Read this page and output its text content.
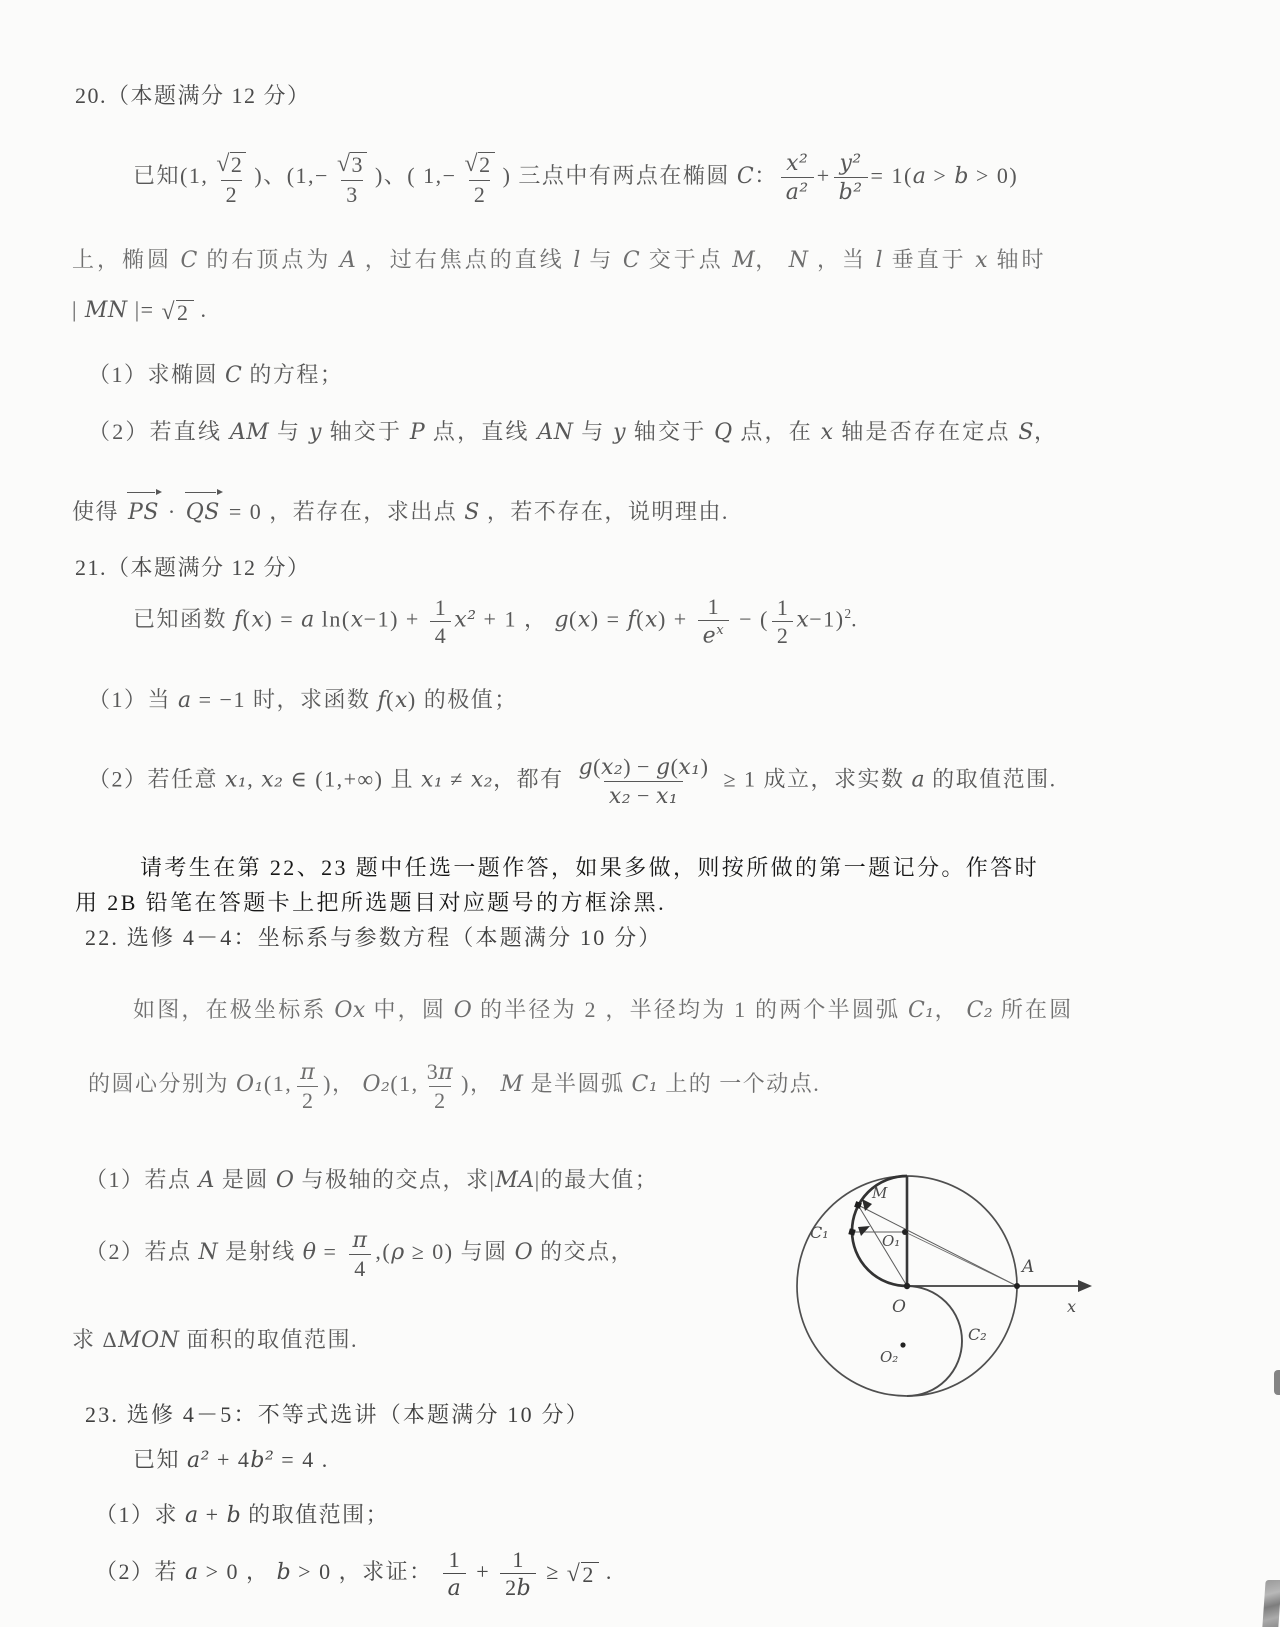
20.（本题满分 12 分）
已知(1, $\frac{√ 2}{2}$ )、($1,- \frac{√ 3}{3}$ )、( $1,- \frac{√ 2}{2}$ ) 三点中有两点在椭圆 C： $\frac{\text{x²}}{\text{a²}} + \frac{\text{y²}}{\text{b²}} = 1(a > b > 0)$
上，椭圆 C 的右顶点为 A ，过右焦点的直线 l 与 C 交于点 M， N ，当 l 垂直于 x 轴时
| MN |= √ 2 .
（1）求椭圆 C 的方程；
（2）若直线 AM 与 y 轴交于 P 点，直线 AN 与 y 轴交于 Q 点，在 x 轴是否存在定点 S，
使得 PS · QS = 0 ，若存在，求出点 S ，若不存在，说明理由.
21.（本题满分 12 分）
已知函数 f(x) = a $\ln(x-1) + \frac{1}{4} x^2 + 1$ ， $g(x) = f(x) + \frac{1}{e^x}$ − ( $\frac{1}{2} x-1)^2$.
（1）当 a = −1 时，求函数 f(x) 的极值；
（2）若任意 x₁, x₂ ∈ (1,+∞) 且 x₁ ≠ x₂，都有 $\frac{\text{g(x₂) − g(x₁)}}{\text{x₂ − x₁}} \ge 1$ 成立，求实数 a 的取值范围.
请考生在第 22、23 题中任选一题作答，如果多做，则按所做的第一题记分。作答时
用 2B 铅笔在答题卡上把所选题目对应题号的方框涂黑.
22. 选修 4－4：坐标系与参数方程（本题满分 10 分）
如图，在极坐标系 Ox 中，圆 O 的半径为 2 ，半径均为 1 的两个半圆弧 C₁， C₂ 所在圆
的圆心分别为 O₁(1, $\frac{\pi}{2}$ )， O₂(1, $\frac{3\pi}{2}$ )， M 是半圆弧 C₁ 上的 一个动点.
（1）若点 A 是圆 O 与极轴的交点，求|MA|的最大值；
（2）若点 N 是射线 $\theta = \frac{\pi}{4} ,(\rho \ge 0)$ 与圆 O 的交点，
求 ΔMON 面积的取值范围.
C₁	O₁
M
O
A
x
C₂
O₂
23. 选修 4－5：不等式选讲（本题满分 10 分）
已知 a² + 4b² = 4 .
（1）求 a + b 的取值范围；
（2）若 a > 0 ， b > 0 ，求证： $\frac{1}{a} + \frac{1}{2b}$ ≥ √ 2 .
